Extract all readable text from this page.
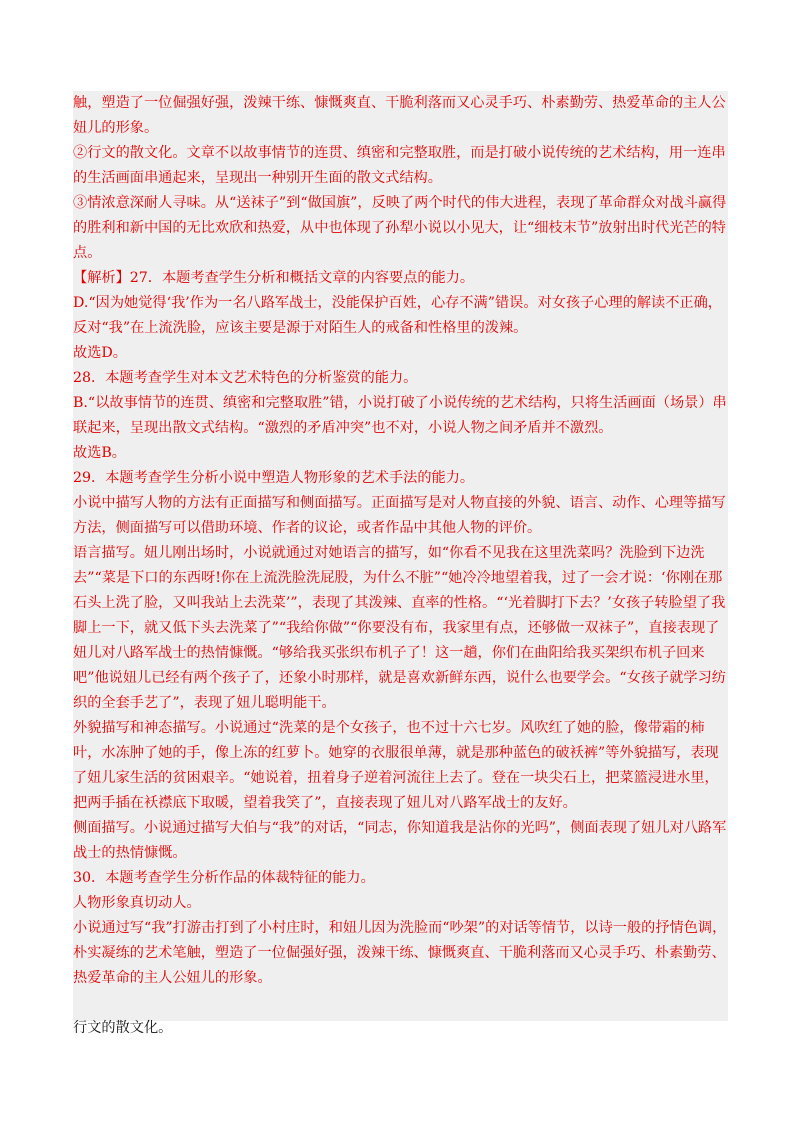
触，塑造了一位倔强好强，泼辣干练、慷慨爽直、干脆利落而又心灵手巧、朴素勤劳、热爱革命的主人公妞儿的形象。

②行文的散文化。文章不以故事情节的连贯、缜密和完整取胜，而是打破小说传统的艺术结构，用一连串的生活画面串通起来，呈现出一种别开生面的散文式结构。

③情浓意深耐人寻味。从“送袜子”到“做国旗”，反映了两个时代的伟大进程，表现了革命群众对战斗赢得的胜利和新中国的无比欢欣和热爱，从中也体现了孙犁小说以小见大，让“细枝末节”放射出时代光芒的特点。

【解析】27．本题考查学生分析和概括文章的内容要点的能力。

D.“因为她觉得‘我’作为一名八路军战士，没能保护百姓，心存不满”错误。对女孩子心理的解读不正确，反对“我”在上流洗脸，应该主要是源于对陌生人的戒备和性格里的泼辣。

故选D。

28．本题考查学生对本文艺术特色的分析鉴赏的能力。

B.“以故事情节的连贯、缜密和完整取胜”错，小说打破了小说传统的艺术结构，只将生活画面（场景）串联起来，呈现出散文式结构。“激烈的矛盾冲突”也不对，小说人物之间矛盾并不激烈。

故选B。

29．本题考查学生分析小说中塑造人物形象的艺术手法的能力。

小说中描写人物的方法有正面描写和侧面描写。正面描写是对人物直接的外貌、语言、动作、心理等描写方法，侧面描写可以借助环境、作者的议论，或者作品中其他人物的评价。

语言描写。妞儿刚出场时，小说就通过对她语言的描写，如“你看不见我在这里洗菜吗？洗脸到下边洗去”“菜是下口的东西呀!你在上流洗脸洗屁股，为什么不脏”“她冷冷地望着我，过了一会才说：‘你刚在那石头上洗了脸，又叫我站上去洗菜’”，表现了其泼辣、直率的性格。“‘光着脚打下去？’女孩子转脸望了我脚上一下，就又低下头去洗菜了”“我给你做”“你要没有布，我家里有点，还够做一双袜子”，直接表现了妞儿对八路军战士的热情慷慨。“够给我买张织布机子了！这一趟，你们在曲阳给我买架织布机子回来吧”他说妞儿已经有两个孩子了，还象小时那样，就是喜欢新鲜东西，说什么也要学会。“女孩子就学习纺织的全套手艺了”，表现了妞儿聪明能干。

外貌描写和神态描写。小说通过“洗菜的是个女孩子，也不过十六七岁。风吹红了她的脸，像带霜的柿叶，水冻肿了她的手，像上冻的红萝卜。她穿的衣服很单薄，就是那种蓝色的破袄裤”等外貌描写，表现了妞儿家生活的贫困艰辛。“她说着，扭着身子逆着河流往上去了。登在一块尖石上，把菜篮浸进水里，把两手插在袄襟底下取暖，望着我笑了”，直接表现了妞儿对八路军战士的友好。

侧面描写。小说通过描写大伯与“我”的对话，“同志，你知道我是沾你的光吗”，侧面表现了妞儿对八路军战士的热情慷慨。

30．本题考查学生分析作品的体裁特征的能力。

人物形象真切动人。

小说通过写“我”打游击打到了小村庄时，和妞儿因为洗脸而“吵架”的对话等情节，以诗一般的抒情色调，朴实凝练的艺术笔触，塑造了一位倔强好强，泼辣干练、慷慨爽直、干脆利落而又心灵手巧、朴素勤劳、热爱革命的主人公妞儿的形象。

行文的散文化。
